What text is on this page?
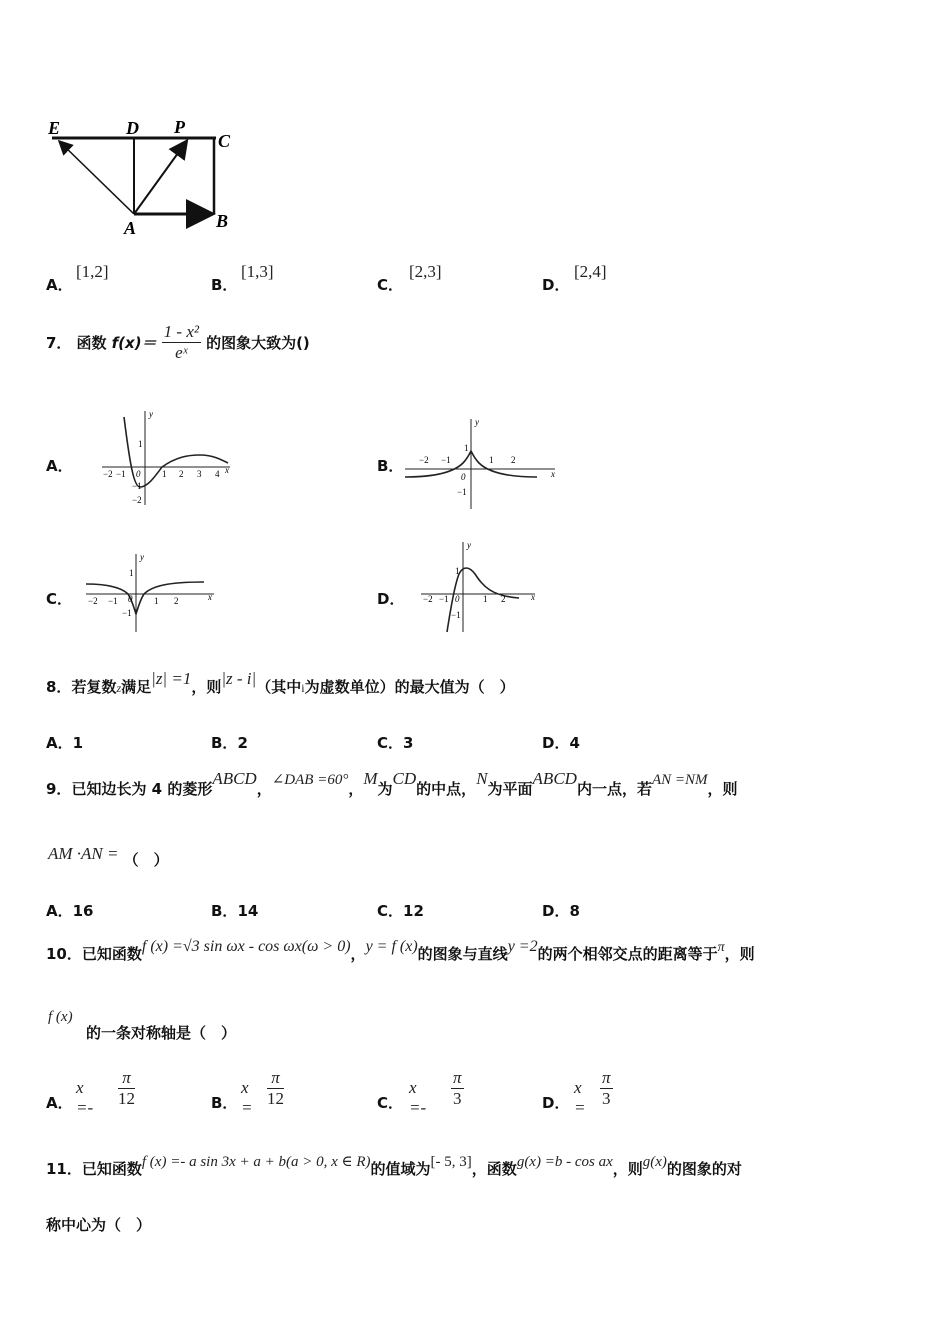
E	D P
C
A	B
A．
[1,2]
B．
[1,3]
C．
[2,3]
D．
[2,4]
7． 函数 $f(x)= \frac{\text{1 - x²}}{\text{eˣ}}$ 的图象大致为()
A．	−2 −1 0 1 2 3 4
1
−1
−2
y
x	B． −2 −1
0
1 2
1
−1
y
x
C． −2 −1 0 1 2
1
−1
y
x	D． −2 −1 0	1 2
1
−1
y
x
8．若复数z满足|z| =1，则|z - i|（其中i为虚数单位）的最大值为（　）
A．1	B．2	C．3	D．4
9．已知边长为 4 的菱形ABCD，∠DAB =60°，M为CD的中点，N为平面ABCD内一点，若AN =NM，则
AM ·AN = （　）
A．16	B．14	C．12	D．8
10．已知函数f (x) =√3 sin ωx - cos ωx(ω > 0)，y = f (x)的图象与直线y =2的两个相邻交点的距离等于π，则
f (x)
的一条对称轴是（　）
A．
$x =- \frac{\pi}{12}$	B．
$x = \frac{\pi}{12}$	C．
$x =- \frac{\pi}{3}$	D．
$x = \frac{\pi}{3}$
11．已知函数f (x) =- a sin 3x + a + b(a > 0, x ∈ R)的值域为[- 5, 3]，函数g(x) =b - cos ax，则g(x)的图象的对
称中心为（　）
